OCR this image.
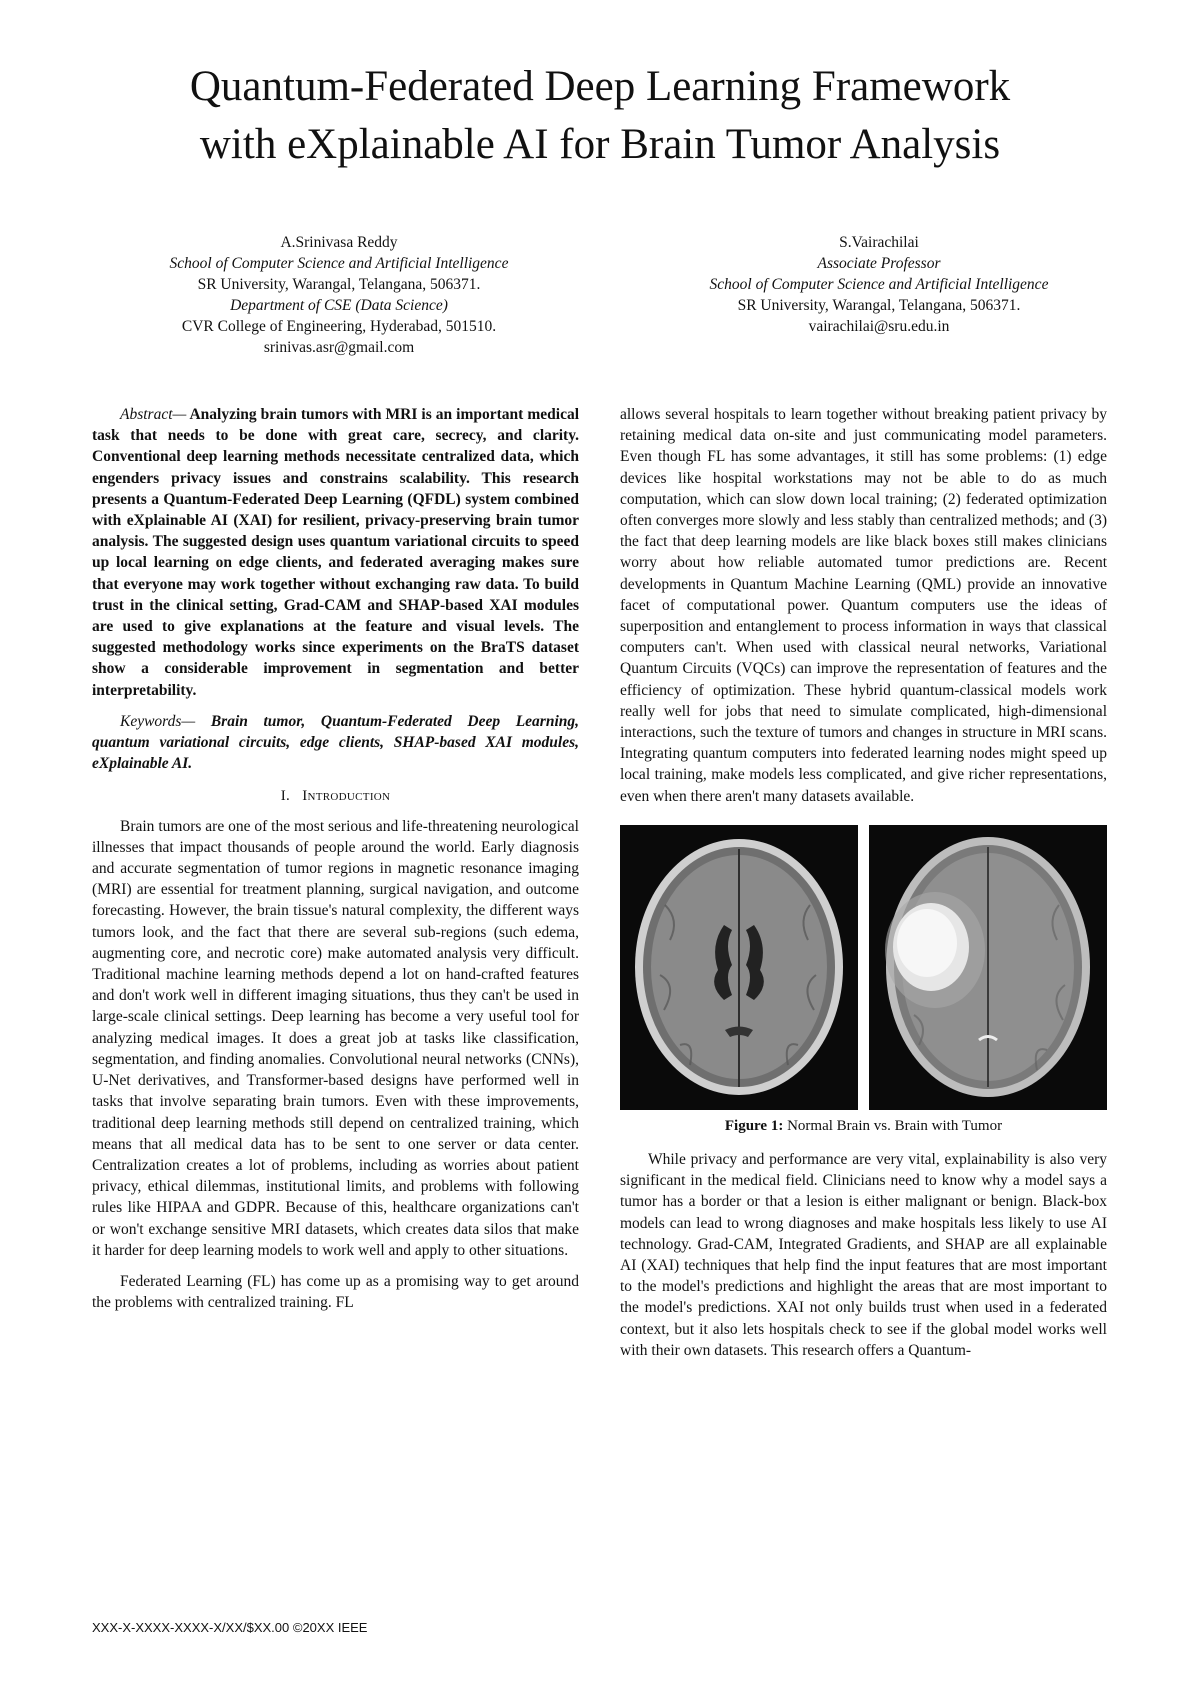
Quantum-Federated Deep Learning Framework
with eXplainable AI for Brain Tumor Analysis
A.Srinivasa Reddy
School of Computer Science and Artificial Intelligence
SR University, Warangal, Telangana, 506371.
Department of CSE (Data Science)
CVR College of Engineering, Hyderabad, 501510.
srinivas.asr@gmail.com
S.Vairachilai
Associate Professor
School of Computer Science and Artificial Intelligence
SR University, Warangal, Telangana, 506371.
vairachilai@sru.edu.in

Abstract— Analyzing brain tumors with MRI is an important medical task that needs to be done with great care, secrecy, and clarity. Conventional deep learning methods necessitate centralized data, which engenders privacy issues and constrains scalability. This research presents a Quantum-Federated Deep Learning (QFDL) system combined with eXplainable AI (XAI) for resilient, privacy-preserving brain tumor analysis. The suggested design uses quantum variational circuits to speed up local learning on edge clients, and federated averaging makes sure that everyone may work together without exchanging raw data. To build trust in the clinical setting, Grad-CAM and SHAP-based XAI modules are used to give explanations at the feature and visual levels. The suggested methodology works since experiments on the BraTS dataset show a considerable improvement in segmentation and better interpretability.

Keywords— Brain tumor, Quantum-Federated Deep Learning, quantum variational circuits, edge clients, SHAP-based XAI modules, eXplainable AI.

I. Introduction

Brain tumors are one of the most serious and life-threatening neurological illnesses that impact thousands of people around the world. Early diagnosis and accurate segmentation of tumor regions in magnetic resonance imaging (MRI) are essential for treatment planning, surgical navigation, and outcome forecasting. However, the brain tissue's natural complexity, the different ways tumors look, and the fact that there are several sub-regions (such edema, augmenting core, and necrotic core) make automated analysis very difficult. Traditional machine learning methods depend a lot on hand-crafted features and don't work well in different imaging situations, thus they can't be used in large-scale clinical settings. Deep learning has become a very useful tool for analyzing medical images. It does a great job at tasks like classification, segmentation, and finding anomalies. Convolutional neural networks (CNNs), U-Net derivatives, and Transformer-based designs have performed well in tasks that involve separating brain tumors. Even with these improvements, traditional deep learning methods still depend on centralized training, which means that all medical data has to be sent to one server or data center. Centralization creates a lot of problems, including as worries about patient privacy, ethical dilemmas, institutional limits, and problems with following rules like HIPAA and GDPR. Because of this, healthcare organizations can't or won't exchange sensitive MRI datasets, which creates data silos that make it harder for deep learning models to work well and apply to other situations.

Federated Learning (FL) has come up as a promising way to get around the problems with centralized training. FL

allows several hospitals to learn together without breaking patient privacy by retaining medical data on-site and just communicating model parameters. Even though FL has some advantages, it still has some problems: (1) edge devices like hospital workstations may not be able to do as much computation, which can slow down local training; (2) federated optimization often converges more slowly and less stably than centralized methods; and (3) the fact that deep learning models are like black boxes still makes clinicians worry about how reliable automated tumor predictions are. Recent developments in Quantum Machine Learning (QML) provide an innovative facet of computational power. Quantum computers use the ideas of superposition and entanglement to process information in ways that classical computers can't. When used with classical neural networks, Variational Quantum Circuits (VQCs) can improve the representation of features and the efficiency of optimization. These hybrid quantum-classical models work really well for jobs that need to simulate complicated, high-dimensional interactions, such the texture of tumors and changes in structure in MRI scans. Integrating quantum computers into federated learning nodes might speed up local training, make models less complicated, and give richer representations, even when there aren't many datasets available.

Figure 1: Normal Brain vs. Brain with Tumor

While privacy and performance are very vital, explainability is also very significant in the medical field. Clinicians need to know why a model says a tumor has a border or that a lesion is either malignant or benign. Black-box models can lead to wrong diagnoses and make hospitals less likely to use AI technology. Grad-CAM, Integrated Gradients, and SHAP are all explainable AI (XAI) techniques that help find the input features that are most important to the model's predictions and highlight the areas that are most important to the model's predictions. XAI not only builds trust when used in a federated context, but it also lets hospitals check to see if the global model works well with their own datasets. This research offers a Quantum-

XXX-X-XXXX-XXXX-X/XX/$XX.00 ©20XX IEEE
